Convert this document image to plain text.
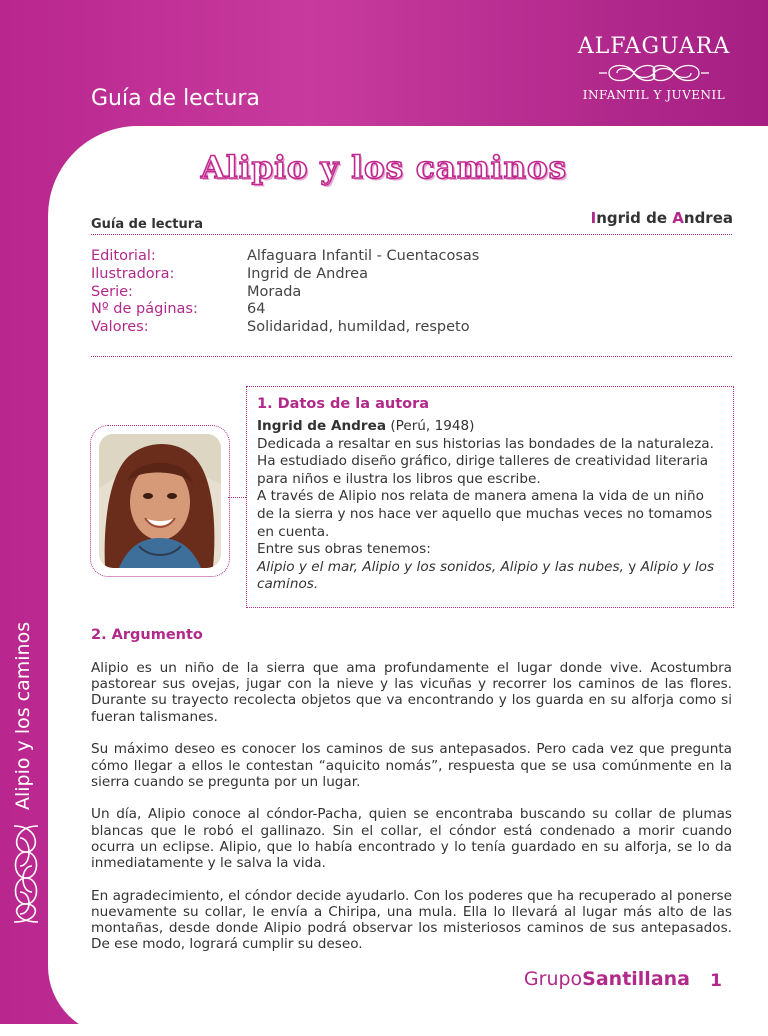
ALFAGUARA
INFANTIL Y JUVENIL
Guía de lectura
Alipio y los caminos
Alipio y los caminos
Guía de lectura	Ingrid de Andrea
Editorial:	Alfaguara Infantil - Cuentacosas
Ilustradora:	Ingrid de Andrea
Serie:	Morada
Nº de páginas:	64
Valores:	Solidaridad, humildad, respeto
1. Datos de la autora
Ingrid de Andrea (Perú, 1948)
Dedicada a resaltar en sus historias las bondades de la naturaleza. Ha estudiado diseño gráfico, dirige talleres de creatividad literaria para niños e ilustra los libros que escribe.
A través de Alipio nos relata de manera amena la vida de un niño de la sierra y nos hace ver aquello que muchas veces no tomamos en cuenta.
Entre sus obras tenemos:
Alipio y el mar, Alipio y los sonidos, Alipio y las nubes, y Alipio y los caminos.
2. Argumento

Alipio es un niño de la sierra que ama profundamente el lugar donde vive. Acostumbra pastorear sus ovejas, jugar con la nieve y las vicuñas y recorrer los caminos de las flores. Durante su trayecto recolecta objetos que va encontrando y los guarda en su alforja como si fueran talismanes.

Su máximo deseo es conocer los caminos de sus antepasados. Pero cada vez que pregunta cómo llegar a ellos le contestan “aquicito nomás”, respuesta que se usa comúnmente en la sierra cuando se pregunta por un lugar.

Un día, Alipio conoce al cóndor-Pacha, quien se encontraba buscando su collar de plumas blancas que le robó el gallinazo. Sin el collar, el cóndor está condenado a morir cuando ocurra un eclipse. Alipio, que lo había encontrado y lo tenía guardado en su alforja, se lo da inmediatamente y le salva la vida.

En agradecimiento, el cóndor decide ayudarlo. Con los poderes que ha recuperado al ponerse nuevamente su collar, le envía a Chiripa, una mula. Ella lo llevará al lugar más alto de las montañas, desde donde Alipio podrá observar los misteriosos caminos de sus antepasados. De ese modo, logrará cumplir su deseo.

GrupoSantillana 1
